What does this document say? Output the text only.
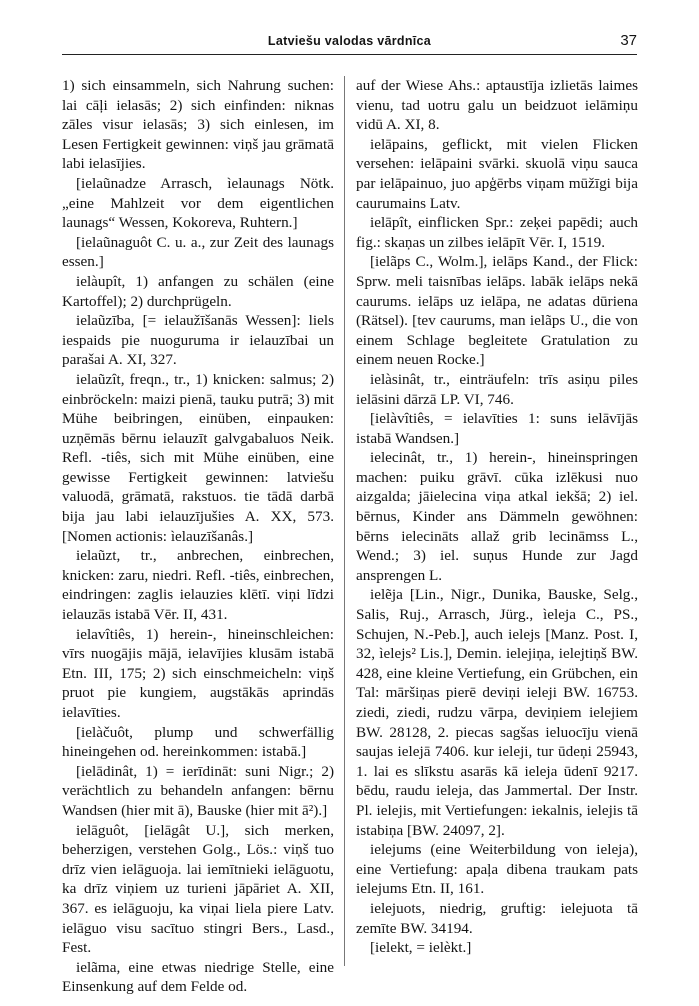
Latviešu valodas vārdnīca	37

1) sich einsammeln, sich Nahrung suchen: lai cāļi ielasās; 2) sich einfinden: niknas zāles visur ielasās; 3) sich einlesen, im Lesen Fertigkeit gewinnen: viņš jau grāmatā labi ielasījies.

[ielaũnadze Arrasch, ìelaunags Nötk. „eine Mahlzeit vor dem eigentlichen launags“ Wessen, Kokoreva, Ruhtern.]

[ielaũnaguôt C. u. a., zur Zeit des launags essen.]

ielàupît, 1) anfangen zu schälen (eine Kartoffel); 2) durchprügeln.

ielaũzība, [= ielaužīšanās Wessen]: liels iespaids pie nuoguruma ir ielauzībai un parašai A. XI, 327.

ielaũzît, freqn., tr., 1) knicken: salmus; 2) einbröckeln: maizi pienā, tauku putrā; 3) mit Mühe beibringen, einüben, einpauken: uzņēmās bērnu ielauzīt galvgabaluos Neik. Refl. -tiês, sich mit Mühe einüben, eine gewisse Fertigkeit gewinnen: latviešu valuodā, grāmatā, rakstuos. tie tādā darbā bija jau labi ielauzījušies A. XX, 573. [Nomen actionis: ìelauzīšanâs.]

ielaũzt, tr., anbrechen, einbrechen, knicken: zaru, niedri. Refl. -tiês, einbrechen, eindringen: zaglis ielauzies klētī. viņi līdzi ielauzās istabā Vēr. II, 431.

ielavîtiês, 1) herein-, hineinschleichen: vīrs nuogājis mājā, ielavījies klusām istabā Etn. III, 175; 2) sich einschmeicheln: viņš pruot pie kungiem, augstākās aprindās ielavīties.

[ielàčuôt, plump und schwerfällig hineingehen od. hereinkommen: istabā.]

[ielādinât, 1) = ierīdināt: suni Nigr.; 2) verächtlich zu behandeln anfangen: bērnu Wandsen (hier mit ā), Bauske (hier mit ā²).]

ielāguôt, [ielāgât U.], sich merken, beherzigen, verstehen Golg., Lös.: viņš tuo drīz vien ielāguoja. lai iemītnieki ielāguotu, ka drīz viņiem uz turieni jāpāriet A. XII, 367. es ielāguoju, ka viņai liela piere Latv. ielāguo visu sacītuo stingri Bers., Lasd., Fest.

ielãma, eine etwas niedrige Stelle, eine Einsenkung auf dem Felde od.

auf der Wiese Ahs.: aptaustīja izlietās laimes vienu, tad uotru galu un beidzuot ielāmiņu vidū A. XI, 8.

ielāpains, geflickt, mit vielen Flicken versehen: ielāpaini svārki. skuolā viņu sauca par ielāpainuo, juo apģērbs viņam mūžīgi bija caurumains Latv.

ielāpît, einflicken Spr.: zeķei papēdi; auch fig.: skaņas un zilbes ielāpīt Vēr. I, 1519.

[ielãps C., Wolm.], ielāps Kand., der Flick: Sprw. meli taisnības ielāps. labāk ielāps nekā caurums. ielāps uz ielāpa, ne adatas dūriena (Rätsel). [tev caurums, man ielãps U., die von einem Schlage begleitete Gratulation zu einem neuen Rocke.]

ielàsinât, tr., einträufeln: trīs asiņu piles ielāsini dārzā LP. VI, 746.

[ielàvîtiês, = ielavīties 1: suns ielāvījās istabā Wandsen.]

ielecinât, tr., 1) herein-, hineinspringen machen: puiku grāvī. cūka izlēkusi nuo aizgalda; jāielecina viņa atkal iekšā; 2) iel. bērnus, Kinder ans Dämmeln gewöhnen: bērns ielecināts allaž grib lecināmss L., Wend.; 3) iel. suņus Hunde zur Jagd ansprengen L.

ielẽja [Lin., Nigr., Dunika, Bauske, Selg., Salis, Ruj., Arrasch, Jürg., ìeleja C., PS., Schujen, N.-Peb.], auch ielejs [Manz. Post. I, 32, ìelejs² Lis.], Demin. ielejiņa, ielejtiņš BW. 428, eine kleine Vertiefung, ein Grübchen, ein Tal: māršiņas pierē deviņi ieleji BW. 16753. ziedi, ziedi, rudzu vārpa, deviņiem ielejiem BW. 28128, 2. piecas sagšas ieluocīju vienā saujas ielejā 7406. kur ieleji, tur ūdeņi 25943, 1. lai es slīkstu asarās kā ieleja ūdenī 9217. bēdu, raudu ieleja, das Jammertal. Der Instr. Pl. ielejis, mit Vertiefungen: iekalnis, ielejis tā istabiņa [BW. 24097, 2].

ielejums (eine Weiterbildung von ieleja), eine Vertiefung: apaļa dibena traukam pats ielejums Etn. II, 161.

ielejuots, niedrig, gruftig: ielejuota tā zemīte BW. 34194.

[ielekt, = ielèkt.]
